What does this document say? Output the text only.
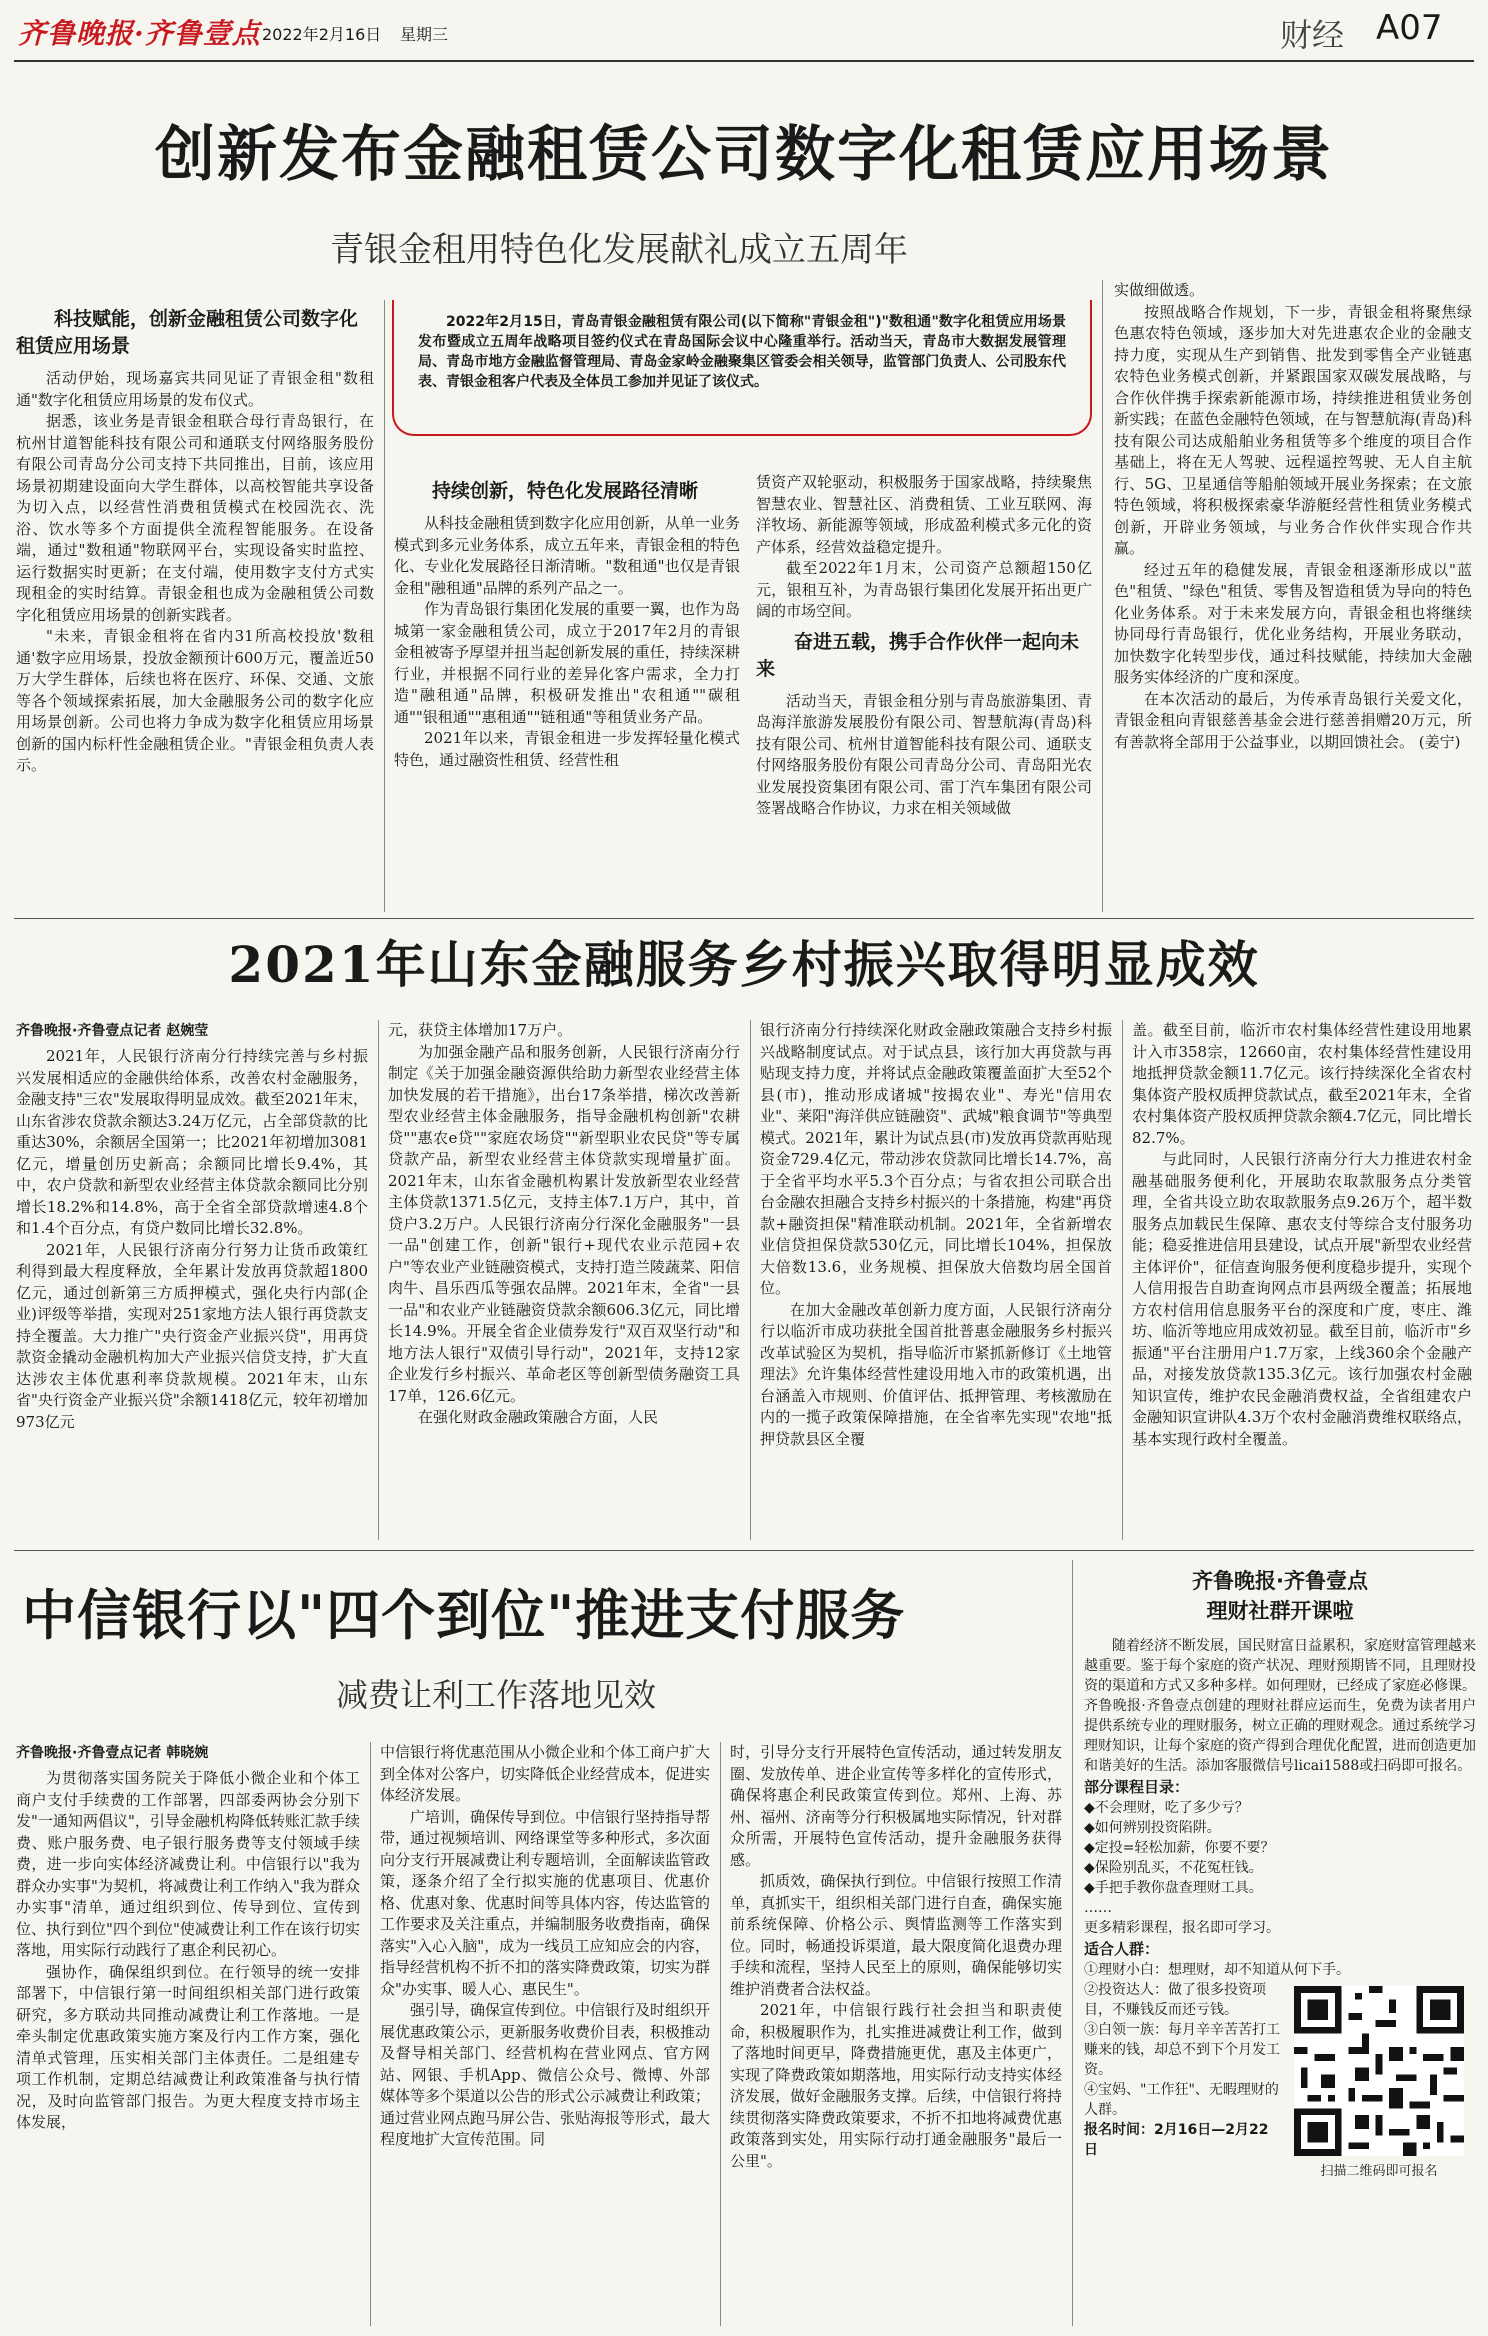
齐鲁晚报·齐鲁壹点 2022年2月16日 星期三	财经 A07
创新发布金融租赁公司数字化租赁应用场景
青银金租用特色化发展献礼成立五周年

2022年2月15日，青岛青银金融租赁有限公司(以下简称"青银金租")"数租通"数字化租赁应用场景发布暨成立五周年战略项目签约仪式在青岛国际会议中心隆重举行。活动当天，青岛市大数据发展管理局、青岛市地方金融监督管理局、青岛金家岭金融聚集区管委会相关领导，监管部门负责人、公司股东代表、青银金租客户代表及全体员工参加并见证了该仪式。

科技赋能，创新金融租赁公司数字化租赁应用场景

活动伊始，现场嘉宾共同见证了青银金租"数租通"数字化租赁应用场景的发布仪式。

据悉，该业务是青银金租联合母行青岛银行，在杭州甘道智能科技有限公司和通联支付网络服务股份有限公司青岛分公司支持下共同推出，目前，该应用场景初期建设面向大学生群体，以高校智能共享设备为切入点，以经营性消费租赁模式在校园洗衣、洗浴、饮水等多个方面提供全流程智能服务。在设备端，通过"数租通"物联网平台，实现设备实时监控、运行数据实时更新；在支付端，使用数字支付方式实现租金的实时结算。青银金租也成为金融租赁公司数字化租赁应用场景的创新实践者。

"未来，青银金租将在省内31所高校投放'数租通'数字应用场景，投放金额预计600万元，覆盖近50万大学生群体，后续也将在医疗、环保、交通、文旅等各个领域探索拓展，加大金融服务公司的数字化应用场景创新。公司也将力争成为数字化租赁应用场景创新的国内标杆性金融租赁企业。"青银金租负责人表示。

持续创新，特色化发展路径清晰

从科技金融租赁到数字化应用创新，从单一业务模式到多元业务体系，成立五年来，青银金租的特色化、专业化发展路径日渐清晰。"数租通"也仅是青银金租"融租通"品牌的系列产品之一。

作为青岛银行集团化发展的重要一翼，也作为岛城第一家金融租赁公司，成立于2017年2月的青银金租被寄予厚望并扭当起创新发展的重任，持续深耕行业，并根据不同行业的差异化客户需求，全力打造"融租通"品牌，积极研发推出"农租通""碳租通""银租通""惠租通""链租通"等租赁业务产品。

2021年以来，青银金租进一步发挥轻量化模式特色，通过融资性租赁、经营性租

赁资产双轮驱动，积极服务于国家战略，持续聚焦智慧农业、智慧社区、消费租赁、工业互联网、海洋牧场、新能源等领域，形成盈利模式多元化的资产体系，经营效益稳定提升。

截至2022年1月末，公司资产总额超150亿元，银租互补，为青岛银行集团化发展开拓出更广阔的市场空间。

奋进五载，携手合作伙伴一起向未来

活动当天，青银金租分别与青岛旅游集团、青岛海洋旅游发展股份有限公司、智慧航海(青岛)科技有限公司、杭州甘道智能科技有限公司、通联支付网络服务股份有限公司青岛分公司、青岛阳光农业发展投资集团有限公司、雷丁汽车集团有限公司签署战略合作协议，力求在相关领域做

实做细做透。

按照战略合作规划，下一步，青银金租将聚焦绿色惠农特色领域，逐步加大对先进惠农企业的金融支持力度，实现从生产到销售、批发到零售全产业链惠农特色业务模式创新，并紧跟国家双碳发展战略，与合作伙伴携手探索新能源市场，持续推进租赁业务创新实践；在蓝色金融特色领域，在与智慧航海(青岛)科技有限公司达成船舶业务租赁等多个维度的项目合作基础上，将在无人驾驶、远程遥控驾驶、无人自主航行、5G、卫星通信等船舶领域开展业务探索；在文旅特色领域，将积极探索豪华游艇经营性租赁业务模式创新，开辟业务领域，与业务合作伙伴实现合作共赢。

经过五年的稳健发展，青银金租逐渐形成以"蓝色"租赁、"绿色"租赁、零售及智造租赁为导向的特色化业务体系。对于未来发展方向，青银金租也将继续协同母行青岛银行，优化业务结构，开展业务联动，加快数字化转型步伐，通过科技赋能，持续加大金融服务实体经济的广度和深度。

在本次活动的最后，为传承青岛银行关爱文化，青银金租向青银慈善基金会进行慈善捐赠20万元，所有善款将全部用于公益事业，以期回馈社会。 (姜宁)

2021年山东金融服务乡村振兴取得明显成效
齐鲁晚报·齐鲁壹点记者 赵婉莹

2021年，人民银行济南分行持续完善与乡村振兴发展相适应的金融供给体系，改善农村金融服务，金融支持"三农"发展取得明显成效。截至2021年末，山东省涉农贷款余额达3.24万亿元，占全部贷款的比重达30%，余额居全国第一；比2021年初增加3081亿元，增量创历史新高；余额同比增长9.4%，其中，农户贷款和新型农业经营主体贷款余额同比分别增长18.2%和14.8%，高于全省全部贷款增速4.8个和1.4个百分点，有贷户数同比增长32.8%。

2021年，人民银行济南分行努力让货币政策红利得到最大程度释放，全年累计发放再贷款超1800亿元，通过创新第三方质押模式，强化央行内部(企业)评级等举措，实现对251家地方法人银行再贷款支持全覆盖。大力推广"央行资金产业振兴贷"，用再贷款资金撬动金融机构加大产业振兴信贷支持，扩大直达涉农主体优惠利率贷款规模。2021年末，山东省"央行资金产业振兴贷"余额1418亿元，较年初增加973亿元

元，获贷主体增加17万户。

为加强金融产品和服务创新，人民银行济南分行制定《关于加强金融资源供给助力新型农业经营主体加快发展的若干措施》，出台17条举措，梯次改善新型农业经营主体金融服务，指导金融机构创新"农耕贷""惠农e贷""家庭农场贷""新型职业农民贷"等专属贷款产品，新型农业经营主体贷款实现增量扩面。2021年末，山东省金融机构累计发放新型农业经营主体贷款1371.5亿元，支持主体7.1万户，其中，首贷户3.2万户。人民银行济南分行深化金融服务"一县一品"创建工作，创新"银行+现代农业示范园+农户"等农业产业链融资模式，支持打造兰陵蔬菜、阳信肉牛、昌乐西瓜等强农品牌。2021年末，全省"一县一品"和农业产业链融资贷款余额606.3亿元，同比增长14.9%。开展全省企业债券发行"双百双坚行动"和地方法人银行"双债引导行动"，2021年，支持12家企业发行乡村振兴、革命老区等创新型债务融资工具17单，126.6亿元。

在强化财政金融政策融合方面，人民

银行济南分行持续深化财政金融政策融合支持乡村振兴战略制度试点。对于试点县，该行加大再贷款与再贴现支持力度，并将试点金融政策覆盖面扩大至52个县(市)，推动形成诸城"按揭农业"、寿光"信用农业"、莱阳"海洋供应链融资"、武城"粮食调节"等典型模式。2021年，累计为试点县(市)发放再贷款再贴现资金729.4亿元，带动涉农贷款同比增长14.7%，高于全省平均水平5.3个百分点；与省农担公司联合出台金融农担融合支持乡村振兴的十条措施，构建"再贷款+融资担保"精准联动机制。2021年，全省新增农业信贷担保贷款530亿元，同比增长104%，担保放大倍数13.6，业务规模、担保放大倍数均居全国首位。

在加大金融改革创新力度方面，人民银行济南分行以临沂市成功获批全国首批普惠金融服务乡村振兴改革试验区为契机，指导临沂市紧抓新修订《土地管理法》允许集体经营性建设用地入市的政策机遇，出台涵盖入市规则、价值评估、抵押管理、考核激励在内的一揽子政策保障措施，在全省率先实现"农地"抵押贷款县区全覆

盖。截至目前，临沂市农村集体经营性建设用地累计入市358宗，12660亩，农村集体经营性建设用地抵押贷款金额11.7亿元。该行持续深化全省农村集体资产股权质押贷款试点，截至2021年末，全省农村集体资产股权质押贷款余额4.7亿元，同比增长82.7%。

与此同时，人民银行济南分行大力推进农村金融基础服务便利化，开展助农取款服务点分类管理，全省共设立助农取款服务点9.26万个，超半数服务点加载民生保障、惠农支付等综合支付服务功能；稳妥推进信用县建设，试点开展"新型农业经营主体评价"，征信查询服务便利度稳步提升，实现个人信用报告自助查询网点市县两级全覆盖；拓展地方农村信用信息服务平台的深度和广度，枣庄、潍坊、临沂等地应用成效初显。截至目前，临沂市"乡振通"平台注册用户1.7万家，上线360余个金融产品，对接发放贷款135.3亿元。该行加强农村金融知识宣传，维护农民金融消费权益，全省组建农户金融知识宣讲队4.3万个农村金融消费维权联络点，基本实现行政村全覆盖。

中信银行以"四个到位"推进支付服务
减费让利工作落地见效
齐鲁晚报·齐鲁壹点记者 韩晓婉

为贯彻落实国务院关于降低小微企业和个体工商户支付手续费的工作部署，四部委两协会分别下发"一通知两倡议"，引导金融机构降低转账汇款手续费、账户服务费、电子银行服务费等支付领域手续费，进一步向实体经济减费让利。中信银行以"我为群众办实事"为契机，将减费让利工作纳入"我为群众办实事"清单，通过组织到位、传导到位、宣传到位、执行到位"四个到位"使减费让利工作在该行切实落地，用实际行动践行了惠企利民初心。

强协作，确保组织到位。在行领导的统一安排部署下，中信银行第一时间组织相关部门进行政策研究，多方联动共同推动减费让利工作落地。一是牵头制定优惠政策实施方案及行内工作方案，强化清单式管理，压实相关部门主体责任。二是组建专项工作机制，定期总结减费让利政策准备与执行情况，及时向监管部门报告。为更大程度支持市场主体发展，

中信银行将优惠范围从小微企业和个体工商户扩大到全体对公客户，切实降低企业经营成本，促进实体经济发展。

广培训，确保传导到位。中信银行坚持指导帮带，通过视频培训、网络课堂等多种形式，多次面向分支行开展减费让利专题培训，全面解读监管政策，逐条介绍了全行拟实施的优惠项目、优惠价格、优惠对象、优惠时间等具体内容，传达监管的工作要求及关注重点，并编制服务收费指南，确保落实"入心入脑"，成为一线员工应知应会的内容，指导经营机构不折不扣的落实降费政策，切实为群众"办实事、暖人心、惠民生"。

强引导，确保宣传到位。中信银行及时组织开展优惠政策公示，更新服务收费价目表，积极推动及督导相关部门、经营机构在营业网点、官方网站、网银、手机App、微信公众号、微博、外部媒体等多个渠道以公告的形式公示减费让利政策；通过营业网点跑马屏公告、张贴海报等形式，最大程度地扩大宣传范围。同

时，引导分支行开展特色宣传活动，通过转发朋友圈、发放传单、进企业宣传等多样化的宣传形式，确保将惠企利民政策宣传到位。郑州、上海、苏州、福州、济南等分行积极属地实际情况，针对群众所需，开展特色宣传活动，提升金融服务获得感。

抓质效，确保执行到位。中信银行按照工作清单，真抓实干，组织相关部门进行自查，确保实施前系统保障、价格公示、舆情监测等工作落实到位。同时，畅通投诉渠道，最大限度简化退费办理手续和流程，坚持人民至上的原则，确保能够切实维护消费者合法权益。

2021年，中信银行践行社会担当和职责使命，积极履职作为，扎实推进减费让利工作，做到了落地时间更早，降费措施更优，惠及主体更广，实现了降费政策如期落地，用实际行动支持实体经济发展，做好金融服务支撑。后续，中信银行将持续贯彻落实降费政策要求，不折不扣地将减费优惠政策落到实处，用实际行动打通金融服务"最后一公里"。

齐鲁晚报·齐鲁壹点
理财社群开课啦

随着经济不断发展，国民财富日益累积，家庭财富管理越来越重要。鉴于每个家庭的资产状况、理财预期皆不同，且理财投资的渠道和方式又多种多样。如何理财，已经成了家庭必修课。齐鲁晚报·齐鲁壹点创建的理财社群应运而生，免费为读者用户提供系统专业的理财服务，树立正确的理财观念。通过系统学习理财知识，让每个家庭的资产得到合理优化配置，进而创造更加和谐美好的生活。添加客服微信号licai1588或扫码即可报名。

部分课程目录：
◆不会理财，吃了多少亏？
◆如何辨别投资陷阱。
◆定投=轻松加薪，你要不要？
◆保险别乱买，不花冤枉钱。
◆手把手教你盘查理财工具。
……
更多精彩课程，报名即可学习。
适合人群：
①理财小白：想理财，却不知道从何下手。
②投资达人：做了很多投资项目，不赚钱反而还亏钱。
③白领一族：每月辛辛苦苦打工赚来的钱，却总不到下个月发工资。
④宝妈、"工作狂"、无暇理财的人群。
报名时间：2月16日—2月22日
扫描二维码即可报名
